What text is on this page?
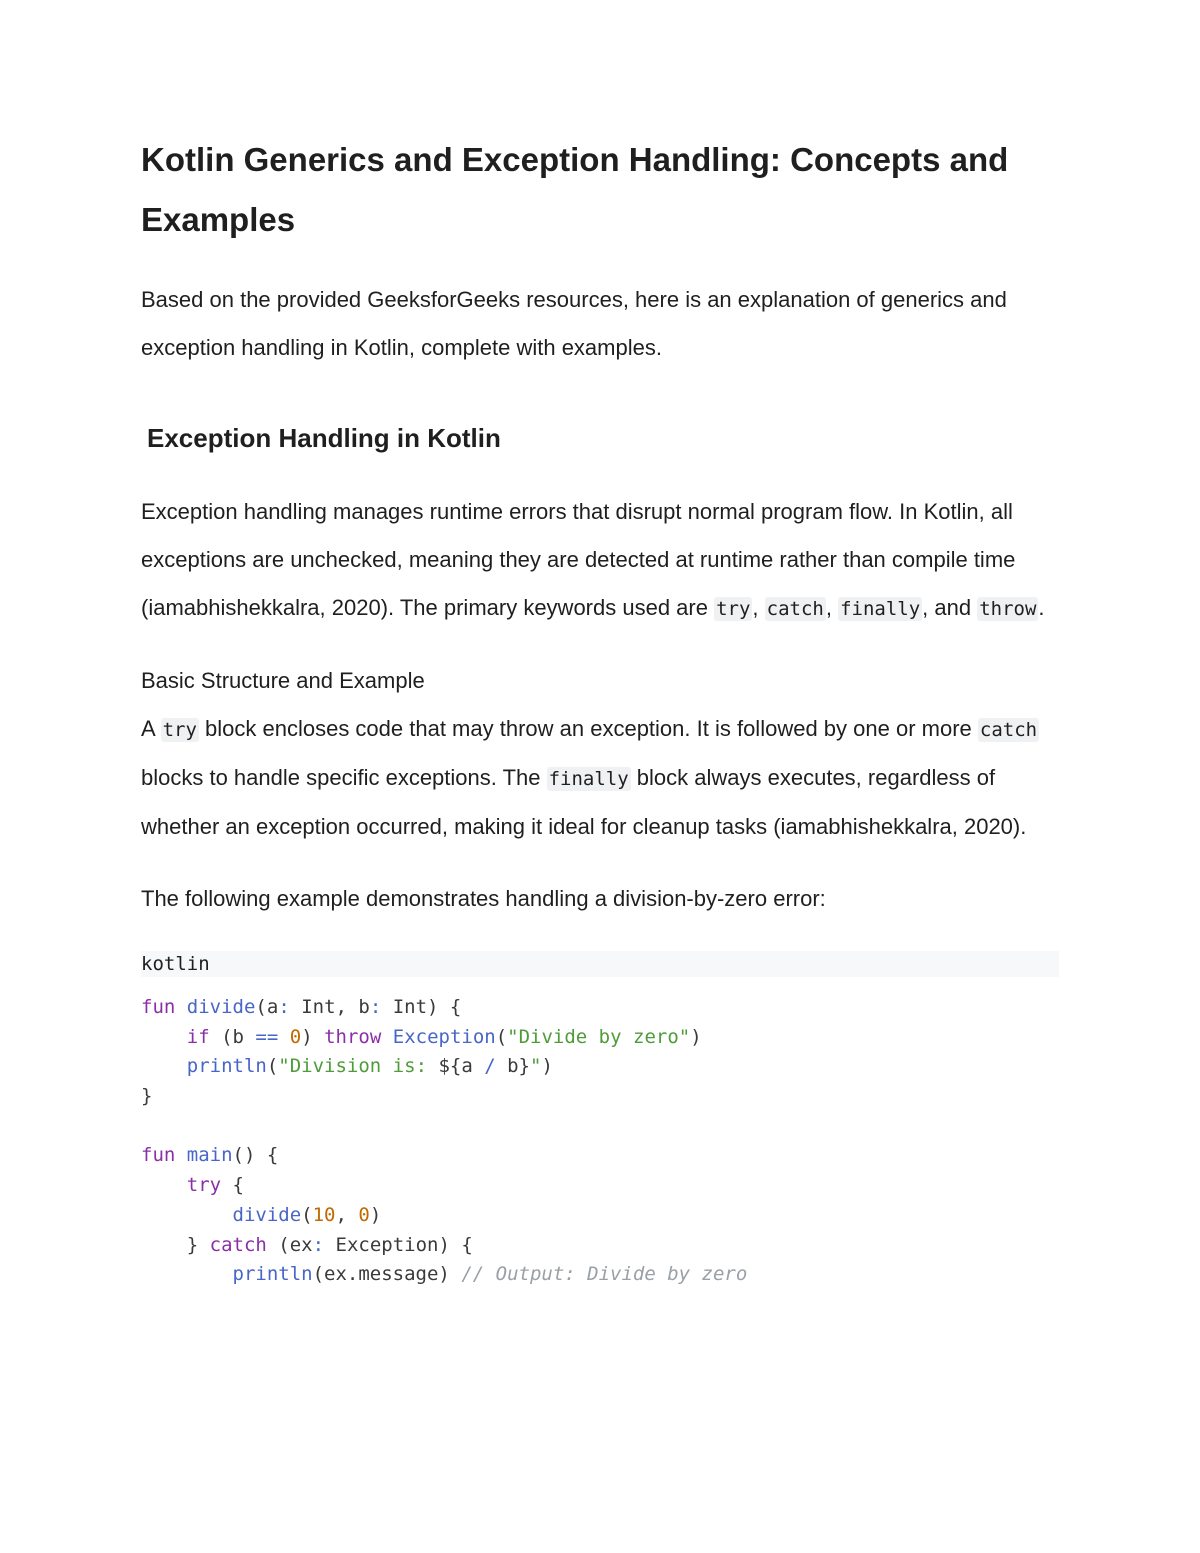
Kotlin Generics and Exception Handling: Concepts and Examples

Based on the provided GeeksforGeeks resources, here is an explanation of generics and exception handling in Kotlin, complete with examples.

Exception Handling in Kotlin

Exception handling manages runtime errors that disrupt normal program flow. In Kotlin, all exceptions are unchecked, meaning they are detected at runtime rather than compile time (iamabhishekkalra, 2020). The primary keywords used are try, catch, finally, and throw.

Basic Structure and Example

A try block encloses code that may throw an exception. It is followed by one or more catch blocks to handle specific exceptions. The finally block always executes, regardless of whether an exception occurred, making it ideal for cleanup tasks (iamabhishekkalra, 2020).

The following example demonstrates handling a division-by-zero error:

kotlin
fun divide(a: Int, b: Int) {
if (b == 0) throw Exception("Divide by zero")
println("Division is: ${a / b}")
}
fun main() {
try {
divide(10, 0)
} catch (ex: Exception) {
println(ex.message) // Output: Divide by zero
